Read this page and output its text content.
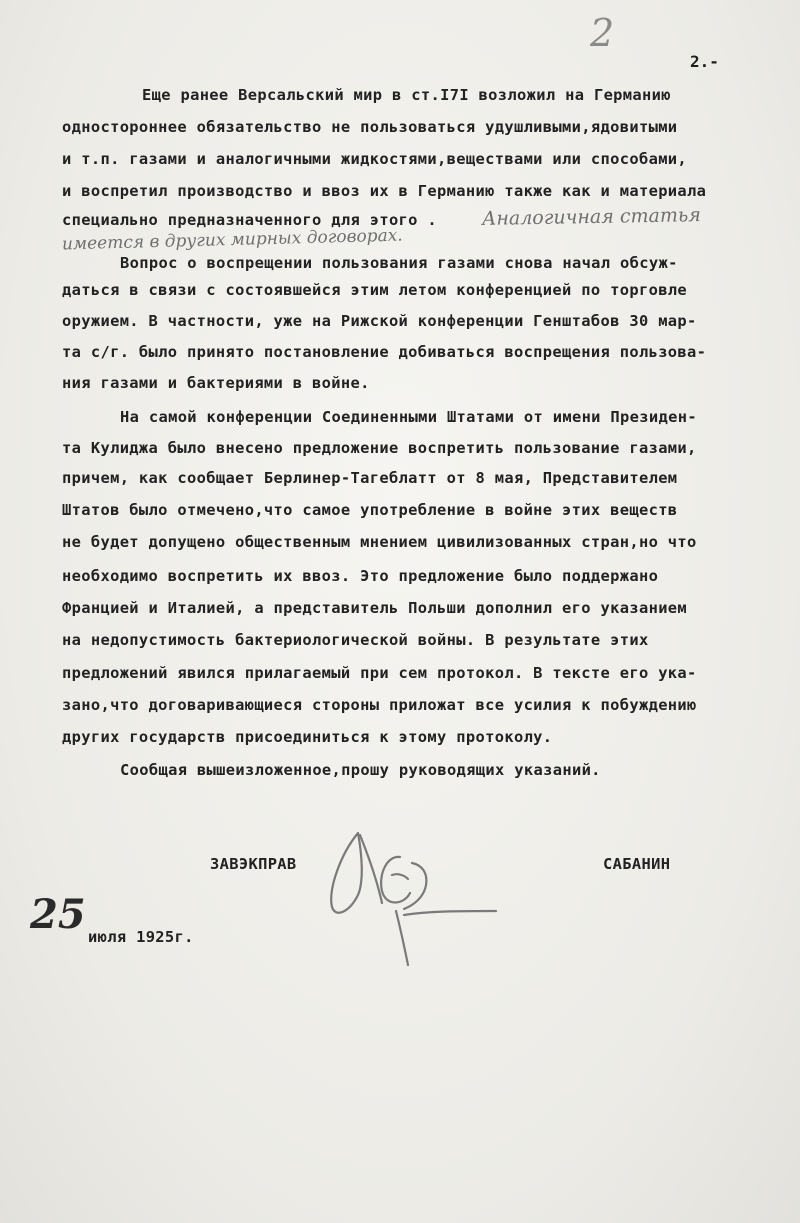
2
2.-
Еще ранее Версальский мир в ст.I7I возложил на Германию
одностороннее обязательство не пользоваться удушливыми,ядовитыми
и т.п. газами и аналогичными жидкостями,веществами или способами,
и воспретил производство и ввоз их в Германию также как и материала
специально предназначенного для этого . Аналогичная статья
имеется в других мирных договорах.
Вопрос о воспрещении пользования газами снова начал обсуж-
даться в связи с состоявшейся этим летом конференцией по торговле
оружием. В частности, уже на Рижской конференции Генштабов 30 мар-
та с/г. было принято постановление добиваться воспрещения пользова-
ния газами и бактериями в войне.
На самой конференции Соединенными Штатами от имени Президен-
та Кулиджа было внесено предложение воспретить пользование газами,
причем, как сообщает Берлинер-Тагеблатт от 8 мая, Представителем
Штатов было отмечено,что самое употребление в войне этих веществ
не будет допущено общественным мнением цивилизованных стран,но что
необходимо воспретить их ввоз. Это предложение было поддержано
Францией и Италией, а представитель Польши дополнил его указанием
на недопустимость бактериологической войны. В результате этих
предложений явился прилагаемый при сем протокол. В тексте его ука-
зано,что договаривающиеся стороны приложат все усилия к побуждению
других государств присоединиться к этому протоколу.
Сообщая вышеизложенное,прошу руководящих указаний.
ЗАВЭКПРАВ	САБАНИН
25 июля 1925г.
